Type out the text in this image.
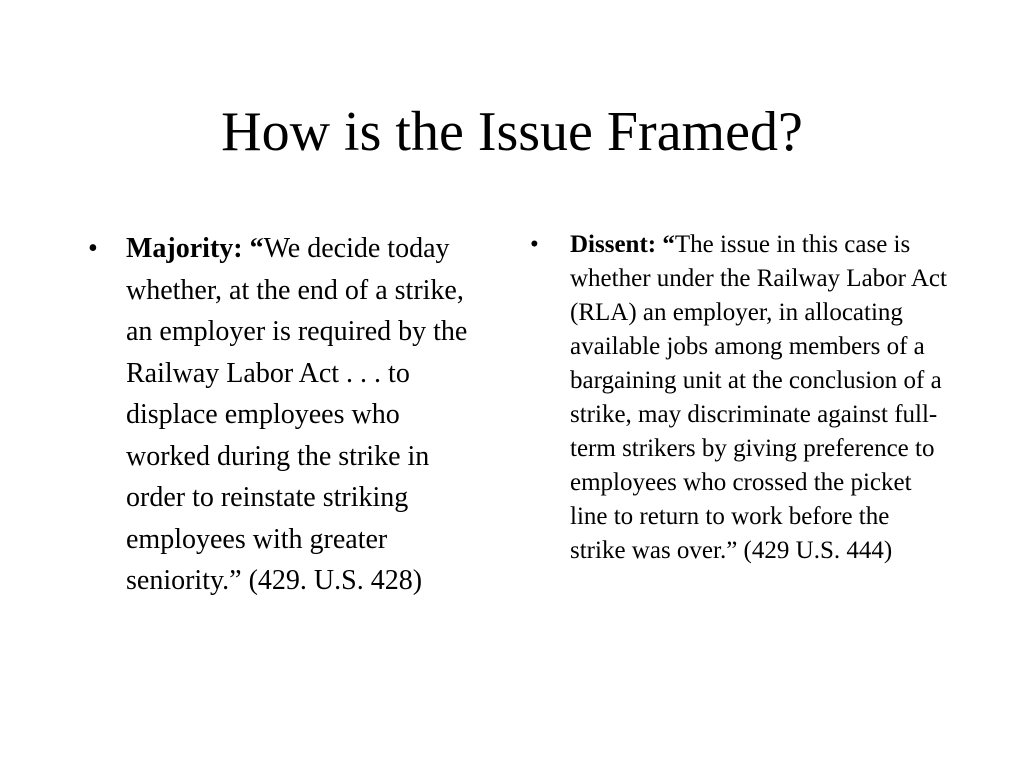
How is the Issue Framed?
• Majority: “We decide today whether, at the end of a strike, an employer is required by the Railway Labor Act . . . to displace employees who worked during the strike in order to reinstate striking employees with greater seniority.” (429. U.S. 428)
• Dissent: “The issue in this case is whether under the Railway Labor Act (RLA) an employer, in allocating available jobs among members of a bargaining unit at the conclusion of a strike, may discriminate against full-term strikers by giving preference to employees who crossed the picket line to return to work before the strike was over.” (429 U.S. 444)
